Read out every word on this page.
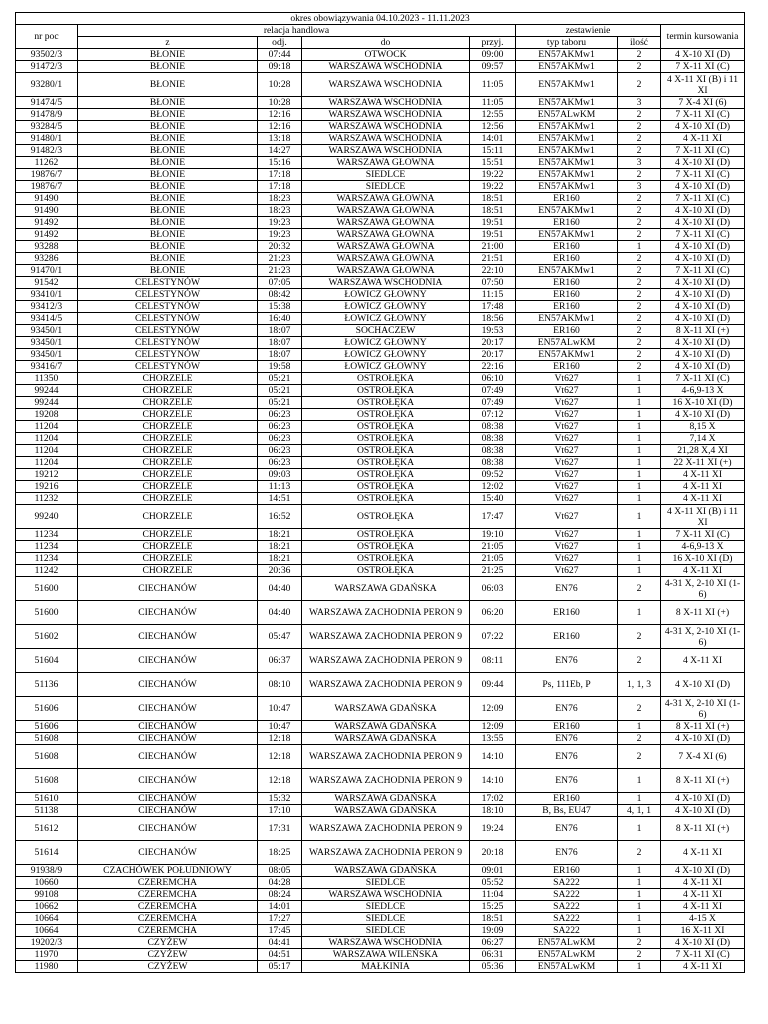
okres obowiązywania 04.10.2023 - 11.11.2023							
nr poc	relacja handlowa				zestawienie		termin kursowania
	z	odj.	do	przyj.	typ taboru	ilość	
93502/3	BŁONIE	07:44	OTWOCK	09:00	EN57AKMw1	2	4 X-10 XI (D)
91472/3	BŁONIE	09:18	WARSZAWA WSCHODNIA	09:57	EN57AKMw1	2	7 X-11 XI (C)
93280/1	BŁONIE	10:28	WARSZAWA WSCHODNIA	11:05	EN57AKMw1	2	4 X-11 XI (B) i 11 XI
91474/5	BŁONIE	10:28	WARSZAWA WSCHODNIA	11:05	EN57AKMw1	3	7 X-4 XI (6)
91478/9	BŁONIE	12:16	WARSZAWA WSCHODNIA	12:55	EN57ALwKM	2	7 X-11 XI (C)
93284/5	BŁONIE	12:16	WARSZAWA WSCHODNIA	12:56	EN57AKMw1	2	4 X-10 XI (D)
91480/1	BŁONIE	13:18	WARSZAWA WSCHODNIA	14:01	EN57AKMw1	2	4 X-11 XI
91482/3	BŁONIE	14:27	WARSZAWA WSCHODNIA	15:11	EN57AKMw1	2	7 X-11 XI (C)
11262	BŁONIE	15:16	WARSZAWA GŁOWNA	15:51	EN57AKMw1	3	4 X-10 XI (D)
19876/7	BŁONIE	17:18	SIEDLCE	19:22	EN57AKMw1	2	7 X-11 XI (C)
19876/7	BŁONIE	17:18	SIEDLCE	19:22	EN57AKMw1	3	4 X-10 XI (D)
91490	BŁONIE	18:23	WARSZAWA GŁOWNA	18:51	ER160	2	7 X-11 XI (C)
91490	BŁONIE	18:23	WARSZAWA GŁOWNA	18:51	EN57AKMw1	2	4 X-10 XI (D)
91492	BŁONIE	19:23	WARSZAWA GŁOWNA	19:51	ER160	2	4 X-10 XI (D)
91492	BŁONIE	19:23	WARSZAWA GŁOWNA	19:51	EN57AKMw1	2	7 X-11 XI (C)
93288	BŁONIE	20:32	WARSZAWA GŁOWNA	21:00	ER160	1	4 X-10 XI (D)
93286	BŁONIE	21:23	WARSZAWA GŁOWNA	21:51	ER160	2	4 X-10 XI (D)
91470/1	BŁONIE	21:23	WARSZAWA GŁOWNA	22:10	EN57AKMw1	2	7 X-11 XI (C)
91542	CELESTYNÓW	07:05	WARSZAWA WSCHODNIA	07:50	ER160	2	4 X-10 XI (D)
93410/1	CELESTYNÓW	08:42	ŁOWICZ GŁOWNY	11:15	ER160	2	4 X-10 XI (D)
93412/3	CELESTYNÓW	15:38	ŁOWICZ GŁOWNY	17:48	ER160	2	4 X-10 XI (D)
93414/5	CELESTYNÓW	16:40	ŁOWICZ GŁOWNY	18:56	EN57AKMw1	2	4 X-10 XI (D)
93450/1	CELESTYNÓW	18:07	SOCHACZEW	19:53	ER160	2	8 X-11 XI (+)
93450/1	CELESTYNÓW	18:07	ŁOWICZ GŁOWNY	20:17	EN57ALwKM	2	4 X-10 XI (D)
93450/1	CELESTYNÓW	18:07	ŁOWICZ GŁOWNY	20:17	EN57AKMw1	2	4 X-10 XI (D)
93416/7	CELESTYNÓW	19:58	ŁOWICZ GŁOWNY	22:16	ER160	2	4 X-10 XI (D)
11350	CHORZELE	05:21	OSTROŁĘKA	06:10	Vt627	1	7 X-11 XI (C)
99244	CHORZELE	05:21	OSTROŁĘKA	07:49	Vt627	1	4-6,9-13 X
99244	CHORZELE	05:21	OSTROŁĘKA	07:49	Vt627	1	16 X-10 XI (D)
19208	CHORZELE	06:23	OSTROŁĘKA	07:12	Vt627	1	4 X-10 XI (D)
11204	CHORZELE	06:23	OSTROŁĘKA	08:38	Vt627	1	8,15 X
11204	CHORZELE	06:23	OSTROŁĘKA	08:38	Vt627	1	7,14 X
11204	CHORZELE	06:23	OSTROŁĘKA	08:38	Vt627	1	21,28 X,4 XI
11204	CHORZELE	06:23	OSTROŁĘKA	08:38	Vt627	1	22 X-11 XI (+)
19212	CHORZELE	09:03	OSTROŁĘKA	09:52	Vt627	1	4 X-11 XI
19216	CHORZELE	11:13	OSTROŁĘKA	12:02	Vt627	1	4 X-11 XI
11232	CHORZELE	14:51	OSTROŁĘKA	15:40	Vt627	1	4 X-11 XI
99240	CHORZELE	16:52	OSTROŁĘKA	17:47	Vt627	1	4 X-11 XI (B) i 11 XI
11234	CHORZELE	18:21	OSTROŁĘKA	19:10	Vt627	1	7 X-11 XI (C)
11234	CHORZELE	18:21	OSTROŁĘKA	21:05	Vt627	1	4-6,9-13 X
11234	CHORZELE	18:21	OSTROŁĘKA	21:05	Vt627	1	16 X-10 XI (D)
11242	CHORZELE	20:36	OSTROŁĘKA	21:25	Vt627	1	4 X-11 XI
51600	CIECHANÓW	04:40	WARSZAWA GDAŃSKA	06:03	EN76	2	4-31 X, 2-10 XI (1-6)
51600	CIECHANÓW	04:40	WARSZAWA ZACHODNIA PERON 9	06:20	ER160	1	8 X-11 XI (+)
51602	CIECHANÓW	05:47	WARSZAWA ZACHODNIA PERON 9	07:22	ER160	2	4-31 X, 2-10 XI (1-6)
51604	CIECHANÓW	06:37	WARSZAWA ZACHODNIA PERON 9	08:11	EN76	2	4 X-11 XI
51136	CIECHANÓW	08:10	WARSZAWA ZACHODNIA PERON 9	09:44	Ps, 111Eb, P	1, 1, 3	4 X-10 XI (D)
51606	CIECHANÓW	10:47	WARSZAWA GDAŃSKA	12:09	EN76	2	4-31 X, 2-10 XI (1-6)
51606	CIECHANÓW	10:47	WARSZAWA GDAŃSKA	12:09	ER160	1	8 X-11 XI (+)
51608	CIECHANÓW	12:18	WARSZAWA GDAŃSKA	13:55	EN76	2	4 X-10 XI (D)
51608	CIECHANÓW	12:18	WARSZAWA ZACHODNIA PERON 9	14:10	EN76	2	7 X-4 XI (6)
51608	CIECHANÓW	12:18	WARSZAWA ZACHODNIA PERON 9	14:10	EN76	1	8 X-11 XI (+)
51610	CIECHANÓW	15:32	WARSZAWA GDAŃSKA	17:02	ER160	1	4 X-10 XI (D)
51138	CIECHANÓW	17:10	WARSZAWA GDAŃSKA	18:10	B, Bs, EU47	4, 1, 1	4 X-10 XI (D)
51612	CIECHANÓW	17:31	WARSZAWA ZACHODNIA PERON 9	19:24	EN76	1	8 X-11 XI (+)
51614	CIECHANÓW	18:25	WARSZAWA ZACHODNIA PERON 9	20:18	EN76	2	4 X-11 XI
91938/9	CZACHÓWEK POŁUDNIOWY	08:05	WARSZAWA GDAŃSKA	09:01	ER160	1	4 X-10 XI (D)
10660	CZEREMCHA	04:28	SIEDLCE	05:52	SA222	1	4 X-11 XI
99108	CZEREMCHA	08:24	WARSZAWA WSCHODNIA	11:04	SA222	1	4 X-11 XI
10662	CZEREMCHA	14:01	SIEDLCE	15:25	SA222	1	4 X-11 XI
10664	CZEREMCHA	17:27	SIEDLCE	18:51	SA222	1	4-15 X
10664	CZEREMCHA	17:45	SIEDLCE	19:09	SA222	1	16 X-11 XI
19202/3	CZYŻEW	04:41	WARSZAWA WSCHODNIA	06:27	EN57ALwKM	2	4 X-10 XI (D)
11970	CZYŻEW	04:51	WARSZAWA WILEŃSKA	06:31	EN57ALwKM	2	7 X-11 XI (C)
11980	CZYŻEW	05:17	MAŁKINIA	05:36	EN57ALwKM	1	4 X-11 XI
